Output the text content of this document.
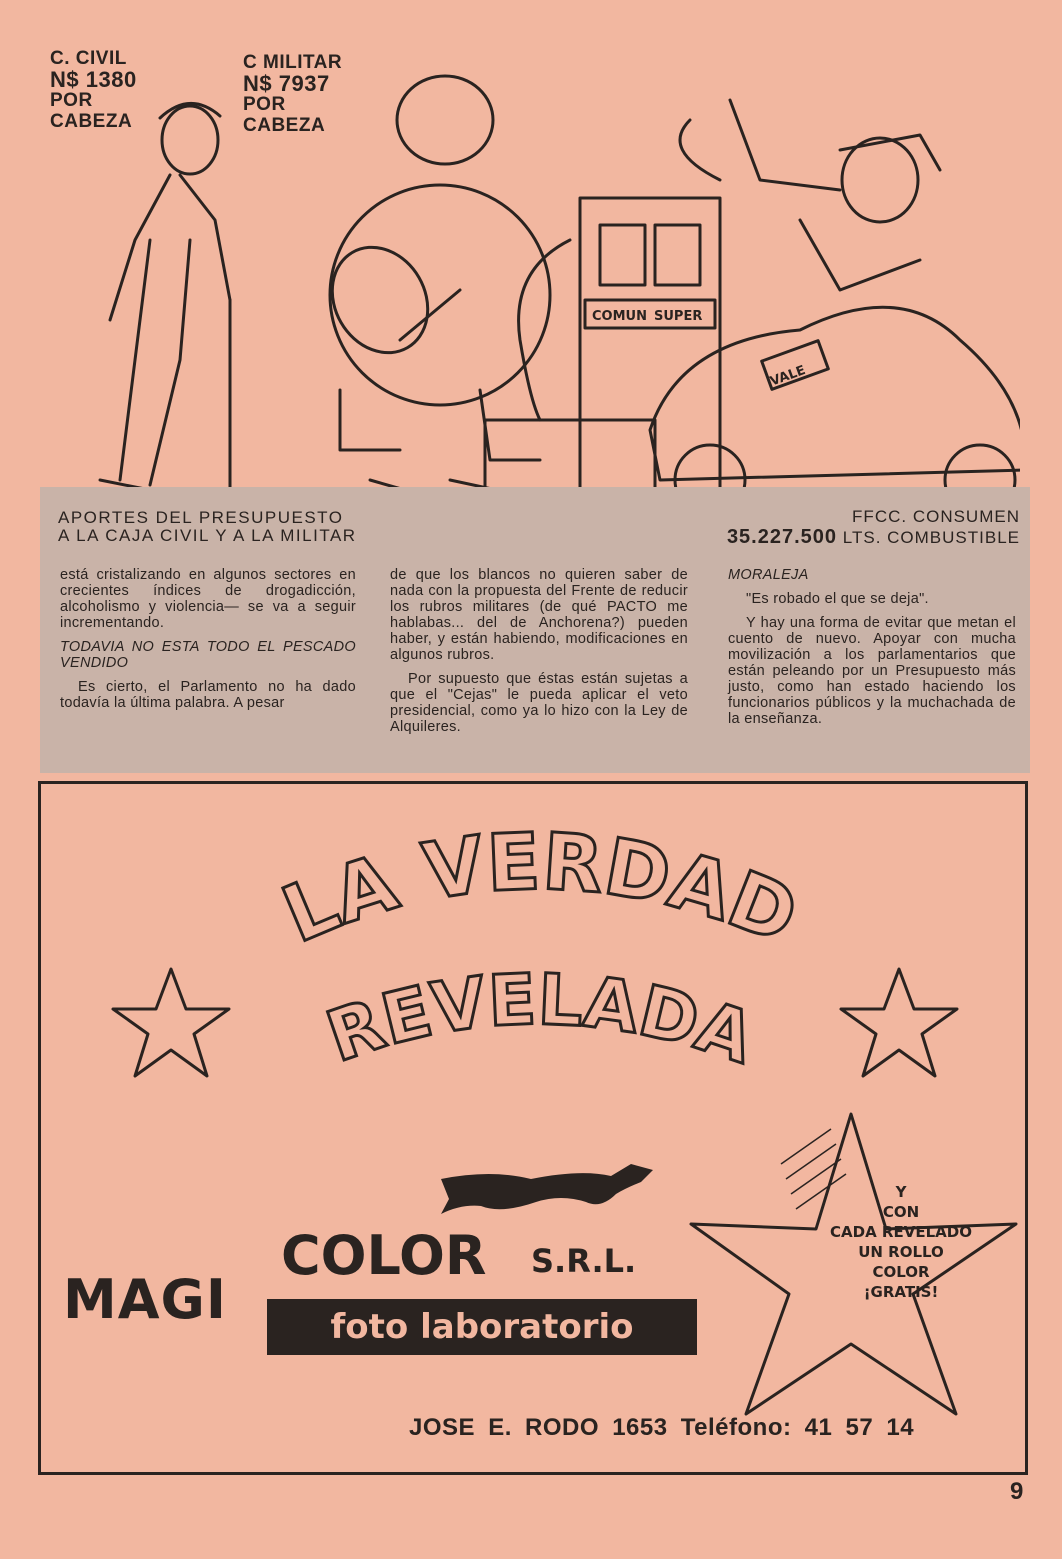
COMUN SUPER
VALE
C. CIVIL
N$ 1380
POR
CABEZA
C MILITAR
N$ 7937
POR
CABEZA
APORTES DEL PRESUPUESTO
A LA CAJA CIVIL Y A LA MILITAR
FFCC. CONSUMEN
35.227.500 LTS. COMBUSTIBLE

está cristalizando en algunos sectores en crecientes índices de drogadicción, alcoholismo y violencia— se va a seguir incrementando.

TODAVIA NO ESTA TODO EL PESCADO VENDIDO

Es cierto, el Parlamento no ha dado todavía la última palabra. A pesar

de que los blancos no quieren saber de nada con la propuesta del Frente de reducir los rubros militares (de qué PACTO me hablabas... del de Anchorena?) pueden haber, y están habiendo, modificaciones en algunos rubros.

Por supuesto que éstas están sujetas a que el "Cejas" le pueda aplicar el veto presidencial, como ya lo hizo con la Ley de Alquileres.

MORALEJA

"Es robado el que se deja".

Y hay una forma de evitar que metan el cuento de nuevo. Apoyar con mucha movilización a los parlamentarios que están peleando por un Presupuesto más justo, como han estado haciendo los funcionarios públicos y la muchachada de la enseñanza.

LA VERDAD
REVELADA
COLOR S.R.L.
MAGI	foto laboratorio
Y
CON
CADA REVELADO
UN ROLLO
COLOR
¡GRATIS!
JOSE E. RODO 1653 Teléfono: 41 57 14
9
